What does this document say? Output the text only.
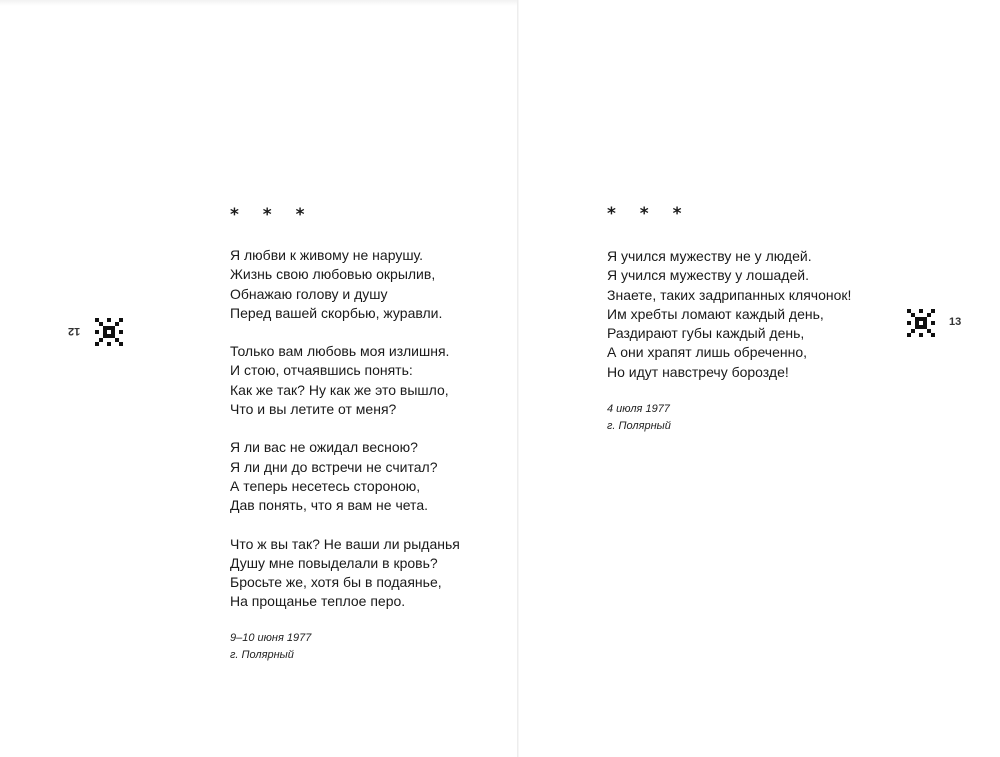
* * *
Я любви к живому не нарушу.
Жизнь свою любовью окрылив,
Обнажаю голову и душу
Перед вашей скорбью, журавли.
Только вам любовь моя излишня.
И стою, отчаявшись понять:
Как же так? Ну как же это вышло,
Что и вы летите от меня?
Я ли вас не ожидал весною?
Я ли дни до встречи не считал?
А теперь несетесь стороною,
Дав понять, что я вам не чета.
Что ж вы так? Не ваши ли рыданья
Душу мне повыделали в кровь?
Бросьте же, хотя бы в подаянье,
На прощанье теплое перо.
9–10 июня 1977
г. Полярный
12
* * *
Я учился мужеству не у людей.
Я учился мужеству у лошадей.
Знаете, таких задрипанных клячонок!
Им хребты ломают каждый день,
Раздирают губы каждый день,
А они храпят лишь обреченно,
Но идут навстречу борозде!
4 июля 1977
г. Полярный
13
